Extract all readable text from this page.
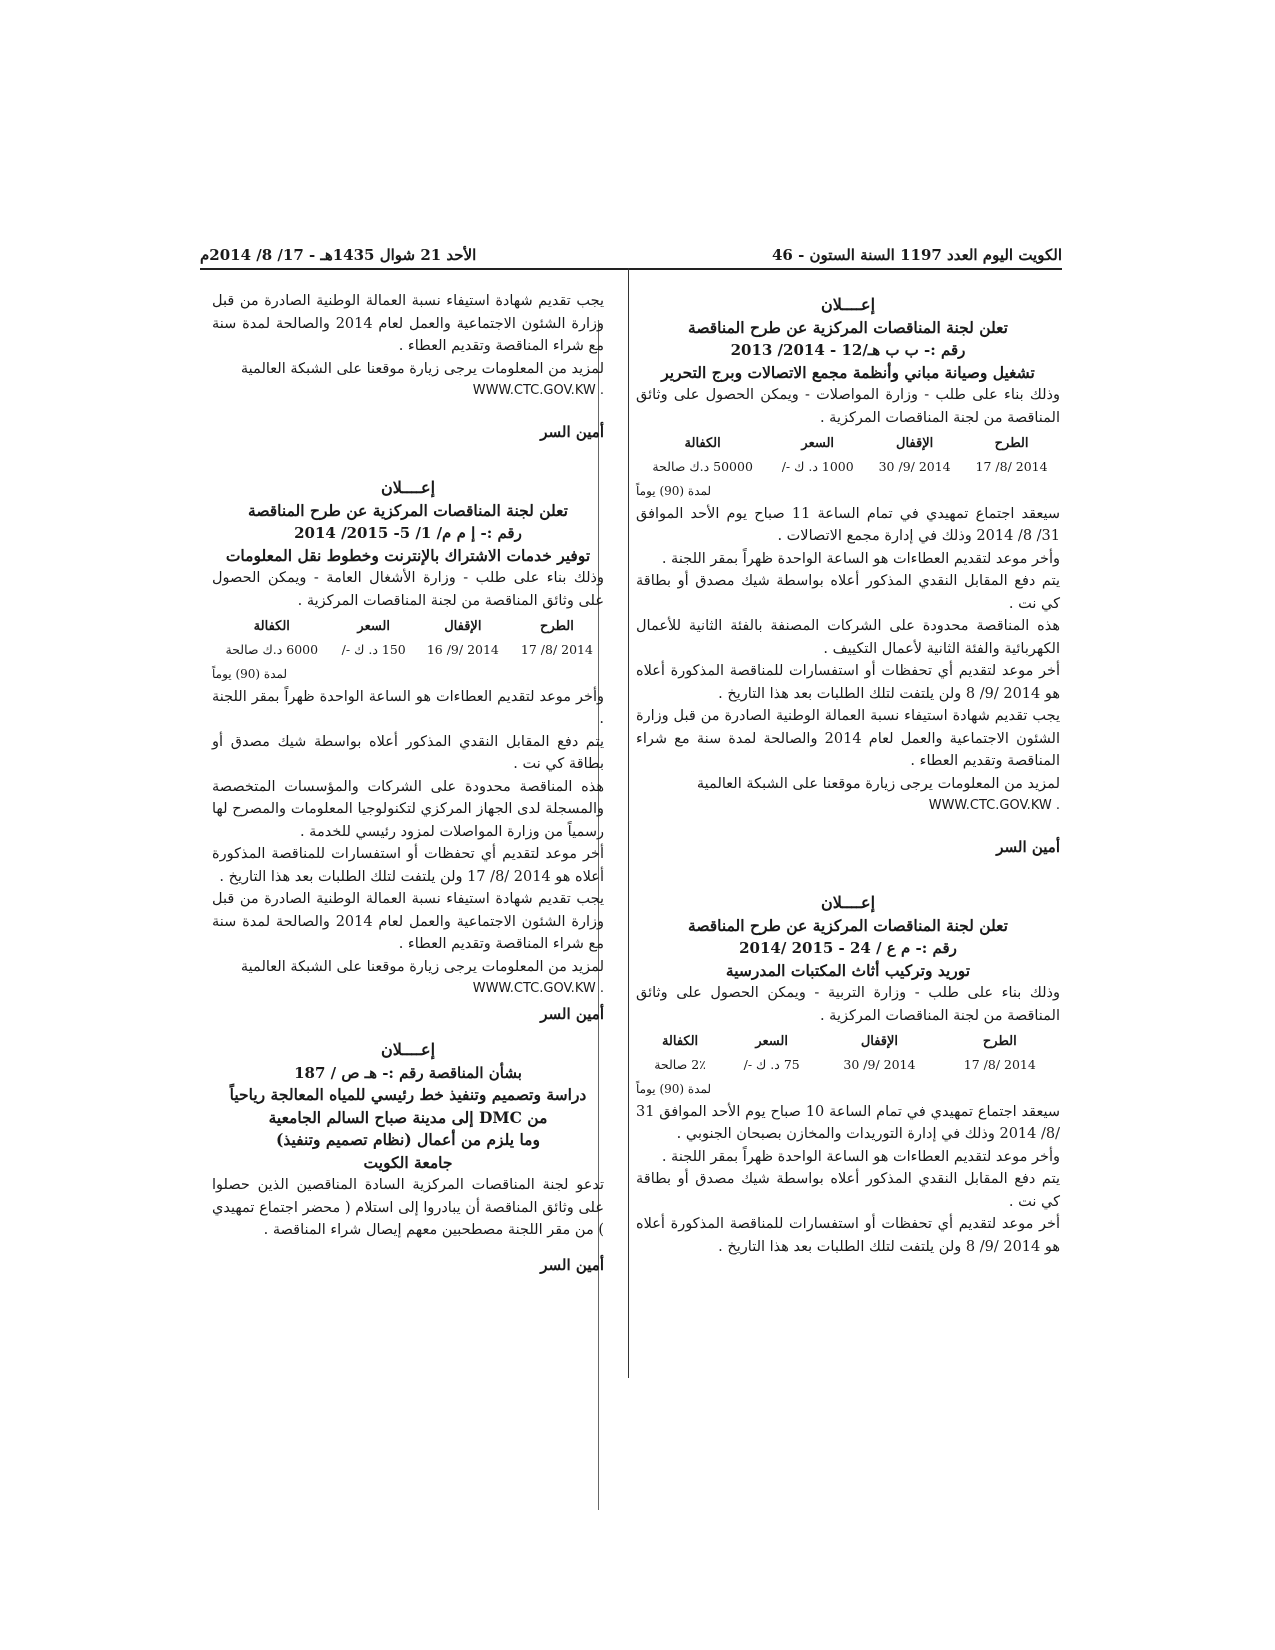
الكويت اليوم العدد 1197 السنة الستون - 46
الأحد 21 شوال 1435هـ - 17/ 8/ 2014م
إعــــلان
تعلن لجنة المناقصات المركزية عن طرح المناقصة
رقم :- ب ب هـ/12 - 2014/ 2013
تشغيل وصيانة مباني وأنظمة مجمع الاتصالات وبرج التحرير

وذلك بناء على طلب - وزارة المواصلات - ويمكن الحصول على وثائق المناقصة من لجنة المناقصات المركزية .

الطرح	الإقفال	السعر	الكفالة
2014 /8/ 17	2014 /9/ 30	1000 د. ك -/	50000 د.ك صالحة
لمدة (90) يوماً

سيعقد اجتماع تمهيدي في تمام الساعة 11 صباح يوم الأحد الموافق 31/ 8/ 2014 وذلك في إدارة مجمع الاتصالات .

وأخر موعد لتقديم العطاءات هو الساعة الواحدة ظهراً بمقر اللجنة .

يتم دفع المقابل النقدي المذكور أعلاه بواسطة شيك مصدق أو بطاقة كي نت .

هذه المناقصة محدودة على الشركات المصنفة بالفئة الثانية للأعمال الكهربائية والفئة الثانية لأعمال التكييف .

أخر موعد لتقديم أي تحفظات أو استفسارات للمناقصة المذكورة أعلاه هو 2014 /9/ 8 ولن يلتفت لتلك الطلبات بعد هذا التاريخ .

يجب تقديم شهادة استيفاء نسبة العمالة الوطنية الصادرة من قبل وزارة الشئون الاجتماعية والعمل لعام 2014 والصالحة لمدة سنة مع شراء المناقصة وتقديم العطاء .

لمزيد من المعلومات يرجى زيارة موقعنا على الشبكة العالمية

WWW.CTC.GOV.KW .

أمين السر
إعــــلان
تعلن لجنة المناقصات المركزية عن طرح المناقصة
رقم :- م ع / 24 - 2015 /2014
توريد وتركيب أثاث المكتبات المدرسية

وذلك بناء على طلب - وزارة التربية - ويمكن الحصول على وثائق المناقصة من لجنة المناقصات المركزية .

الطرح	الإقفال	السعر	الكفالة
2014 /8/ 17	2014 /9/ 30	75 د. ك -/	2٪ صالحة
لمدة (90) يوماً

سيعقد اجتماع تمهيدي في تمام الساعة 10 صباح يوم الأحد الموافق 31 /8/ 2014 وذلك في إدارة التوريدات والمخازن بصبحان الجنوبي .

وأخر موعد لتقديم العطاءات هو الساعة الواحدة ظهراً بمقر اللجنة .

يتم دفع المقابل النقدي المذكور أعلاه بواسطة شيك مصدق أو بطاقة كي نت .

أخر موعد لتقديم أي تحفظات أو استفسارات للمناقصة المذكورة أعلاه هو 2014 /9/ 8 ولن يلتفت لتلك الطلبات بعد هذا التاريخ .

يجب تقديم شهادة استيفاء نسبة العمالة الوطنية الصادرة من قبل وزارة الشئون الاجتماعية والعمل لعام 2014 والصالحة لمدة سنة مع شراء المناقصة وتقديم العطاء .

لمزيد من المعلومات يرجى زيارة موقعنا على الشبكة العالمية

WWW.CTC.GOV.KW .

أمين السر
إعــــلان
تعلن لجنة المناقصات المركزية عن طرح المناقصة
رقم :- إ م م/ 1/ 5- 2015/ 2014
توفير خدمات الاشتراك بالإنترنت وخطوط نقل المعلومات

وذلك بناء على طلب - وزارة الأشغال العامة - ويمكن الحصول على وثائق المناقصة من لجنة المناقصات المركزية .

الطرح	الإقفال	السعر	الكفالة
2014 /8/ 17	2014 /9/ 16	150 د. ك -/	6000 د.ك صالحة
لمدة (90) يوماً

وأخر موعد لتقديم العطاءات هو الساعة الواحدة ظهراً بمقر اللجنة .

يتم دفع المقابل النقدي المذكور أعلاه بواسطة شيك مصدق أو بطاقة كي نت .

هذه المناقصة محدودة على الشركات والمؤسسات المتخصصة والمسجلة لدى الجهاز المركزي لتكنولوجيا المعلومات والمصرح لها رسمياً من وزارة المواصلات لمزود رئيسي للخدمة .

أخر موعد لتقديم أي تحفظات أو استفسارات للمناقصة المذكورة أعلاه هو 2014 /8/ 17 ولن يلتفت لتلك الطلبات بعد هذا التاريخ .

يجب تقديم شهادة استيفاء نسبة العمالة الوطنية الصادرة من قبل وزارة الشئون الاجتماعية والعمل لعام 2014 والصالحة لمدة سنة مع شراء المناقصة وتقديم العطاء .

لمزيد من المعلومات يرجى زيارة موقعنا على الشبكة العالمية

WWW.CTC.GOV.KW .

أمين السر
إعــــلان
بشأن المناقصة رقم :- هـ ص / 187
دراسة وتصميم وتنفيذ خط رئيسي للمياه المعالجة رياحياً
من DMC إلى مدينة صباح السالم الجامعية
وما يلزم من أعمال (نظام تصميم وتنفيذ)
جامعة الكويت

تدعو لجنة المناقصات المركزية السادة المناقصين الذين حصلوا على وثائق المناقصة أن يبادروا إلى استلام ( محضر اجتماع تمهيدي ) من مقر اللجنة مصطحبين معهم إيصال شراء المناقصة .

أمين السر
